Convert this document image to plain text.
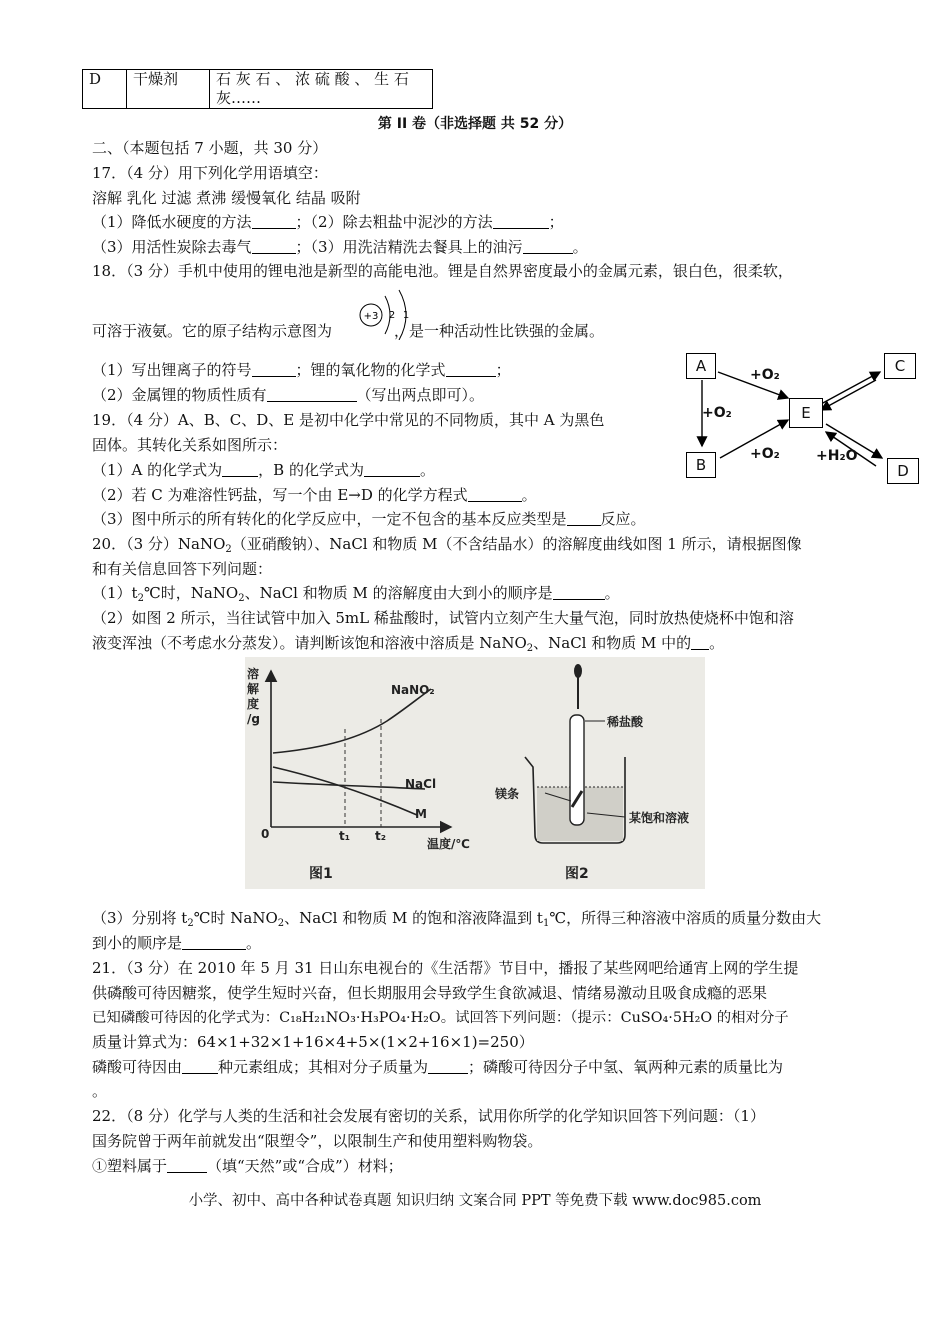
D	干燥剂	石 灰 石 、 浓 硫 酸 、 生 石
灰……
第 II 卷（非选择题 共 52 分）
二、（本题包括 7 小题，共 30 分）
17．（4 分）用下列化学用语填空：
溶解 乳化 过滤 煮沸 缓慢氧化 结晶 吸附
（1）降低水硬度的方法	；（2）除去粗盐中泥沙的方法	；
（3）用活性炭除去毒气	；（3）用洗洁精洗去餐具上的油污	。
18．（3 分）手机中使用的锂电池是新型的高能电池。锂是自然界密度最小的金属元素，银白色，很柔软，
可溶于液氨。它的原子结构示意图为	，是一种活动性比铁强的金属。
+3 2 1
（1）写出锂离子的符号	；锂的氧化物的化学式	；
（2）金属锂的物质性质有	（写出两点即可）。
19．（4 分）A、B、C、D、E 是初中化学中常见的不同物质，其中 A 为黑色
固体。其转化关系如图所示：
（1）A 的化学式为 ，B 的化学式为	。
（2）若 C 为难溶性钙盐，写一个由 E→D 的化学方程式	。
（3）图中所示的所有转化的化学反应中，一定不包含的基本反应类型是 反应。
A
B
C
D
E
+O₂
+O₂
+O₂	+H₂O
20．（3 分）NaNO$_2$（亚硝酸钠）、NaCl 和物质 M（不含结晶水）的溶解度曲线如图 1 所示，请根据图像
和有关信息回答下列问题：
$(1)t_2℃$时，NaNO$_2$、NaCl 和物质 M 的溶解度由大到小的顺序是	。
（2）如图 2 所示，当往试管中加入 5mL 稀盐酸时，试管内立刻产生大量气泡，同时放热使烧杯中饱和溶
液变浑浊（不考虑水分蒸发）。请判断该饱和溶液中溶质是 NaNO$_2$、NaCl 和物质 M 中的 。
溶
解
度
/g
NaNO₂
NaCl
M
0	t₁ t₂
温度/℃
图1
稀盐酸
镁条
某饱和溶液
图2
（3）分别将 $t_2℃$时 NaNO$_2$、NaCl 和物质 M 的饱和溶液降温到 $t_1℃$，所得三种溶液中溶质的质量分数由大
到小的顺序是	。
21．（3 分）在 2010 年 5 月 31 日山东电视台的《生活帮》节目中，播报了某些网吧给通宵上网的学生提
供磷酸可待因糖浆，使学生短时兴奋，但长期服用会导致学生食欲减退、情绪易激动且吸食成瘾的恶果
已知磷酸可待因的化学式为：C₁₈H₂₁NO₃·H₃PO₄·H₂O。试回答下列问题：（提示：CuSO₄·5H₂O 的相对分子
质量计算式为：64×1+32×1+16×4+5×(1×2+16×1)=250）
磷酸可待因由 种元素组成；其相对分子质量为	；磷酸可待因分子中氢、氧两种元素的质量比为
。
22．（8 分）化学与人类的生活和社会发展有密切的关系，试用你所学的化学知识回答下列问题：（1）
国务院曾于两年前就发出“限塑令”，以限制生产和使用塑料购物袋。
①塑料属于	（填“天然”或“合成”）材料；
小学、初中、高中各种试卷真题 知识归纳 文案合同 PPT 等免费下载 www.doc985.com
